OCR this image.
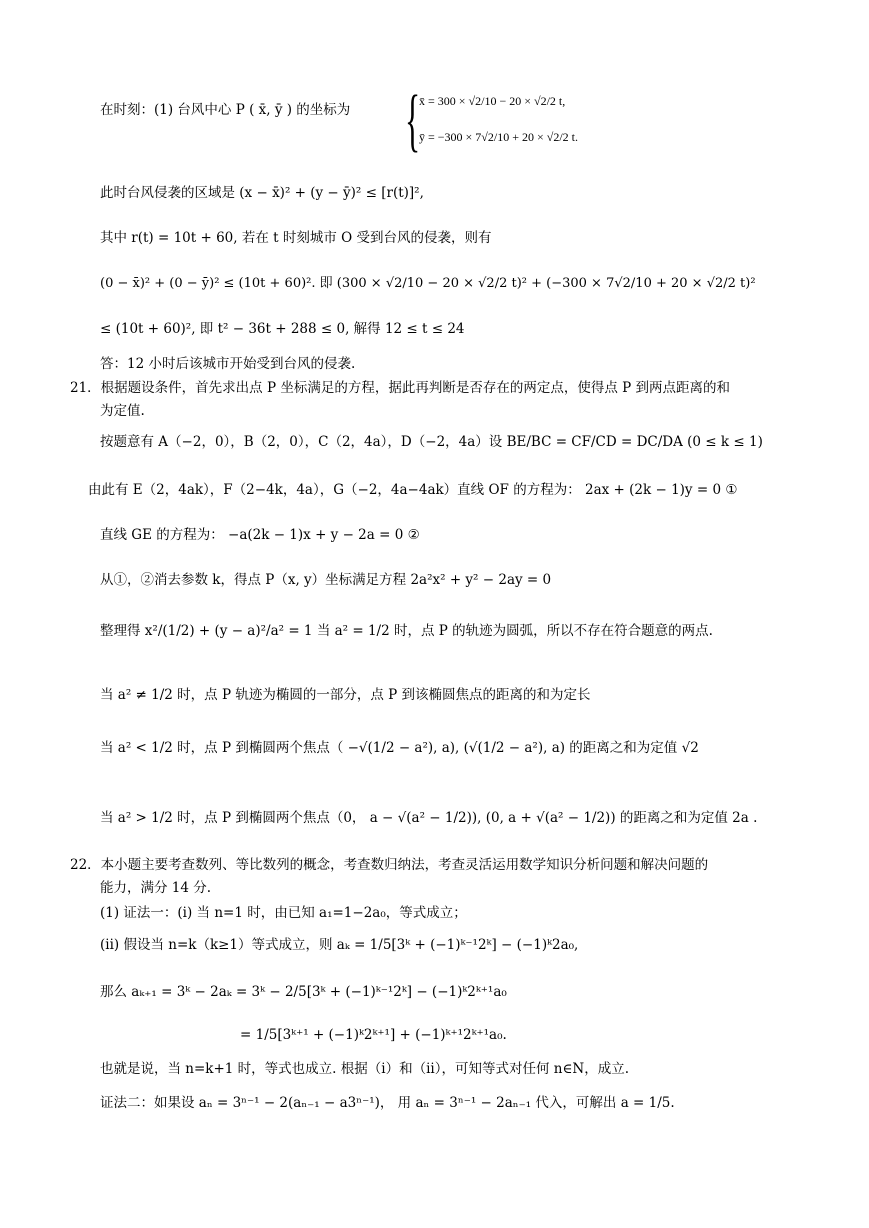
在时刻：(1) 台风中心 P ( x̄, ȳ ) 的坐标为 {
x̄ = 300 × √2/10 − 20 × √2/2 t,
ȳ = −300 × 7√2/10 + 20 × √2/2 t.
此时台风侵袭的区域是 (x − x̄)² + (y − ȳ)² ≤ [r(t)]²,
其中 r(t) = 10t + 60, 若在 t 时刻城市 O 受到台风的侵袭，则有
(0 − x̄)² + (0 − ȳ)² ≤ (10t + 60)². 即 (300 × √2/10 − 20 × √2/2 t)² + (−300 × 7√2/10 + 20 × √2/2 t)²
≤ (10t + 60)², 即 t² − 36t + 288 ≤ 0, 解得 12 ≤ t ≤ 24
答：12 小时后该城市开始受到台风的侵袭.
21．根据题设条件，首先求出点 P 坐标满足的方程，据此再判断是否存在的两定点，使得点 P 到两点距离的和
为定值.
按题意有 A（−2，0），B（2，0），C（2，4a），D（−2，4a）设 BE/BC = CF/CD = DC/DA (0 ≤ k ≤ 1)
由此有 E（2，4ak），F（2−4k，4a），G（−2，4a−4ak）直线 OF 的方程为： 2ax + (2k − 1)y = 0 ①
直线 GE 的方程为： −a(2k − 1)x + y − 2a = 0 ②
从①，②消去参数 k，得点 P（x, y）坐标满足方程 2a²x² + y² − 2ay = 0
整理得 x²/(1/2) + (y − a)²/a² = 1 当 a² = 1/2 时，点 P 的轨迹为圆弧，所以不存在符合题意的两点.
当 a² ≠ 1/2 时，点 P 轨迹为椭圆的一部分，点 P 到该椭圆焦点的距离的和为定长
当 a² < 1/2 时，点 P 到椭圆两个焦点（ −√(1/2 − a²), a), (√(1/2 − a²), a) 的距离之和为定值 √2
当 a² > 1/2 时，点 P 到椭圆两个焦点（0， a − √(a² − 1/2)), (0, a + √(a² − 1/2)) 的距离之和为定值 2a .
22．本小题主要考查数列、等比数列的概念，考查数归纳法，考查灵活运用数学知识分析问题和解决问题的
能力，满分 14 分.
(1) 证法一：(i) 当 n=1 时，由已知 a₁=1−2a₀，等式成立；
(ii) 假设当 n=k（k≥1）等式成立，则 aₖ = 1/5[3ᵏ + (−1)ᵏ⁻¹2ᵏ] − (−1)ᵏ2a₀,
那么 aₖ₊₁ = 3ᵏ − 2aₖ = 3ᵏ − 2/5[3ᵏ + (−1)ᵏ⁻¹2ᵏ] − (−1)ᵏ2ᵏ⁺¹a₀
= 1/5[3ᵏ⁺¹ + (−1)ᵏ2ᵏ⁺¹] + (−1)ᵏ⁺¹2ᵏ⁺¹a₀.
也就是说，当 n=k+1 时，等式也成立. 根据（i）和（ii），可知等式对任何 n∈N，成立.
证法二：如果设 aₙ = 3ⁿ⁻¹ − 2(aₙ₋₁ − a3ⁿ⁻¹)， 用 aₙ = 3ⁿ⁻¹ − 2aₙ₋₁ 代入，可解出 a = 1/5.
